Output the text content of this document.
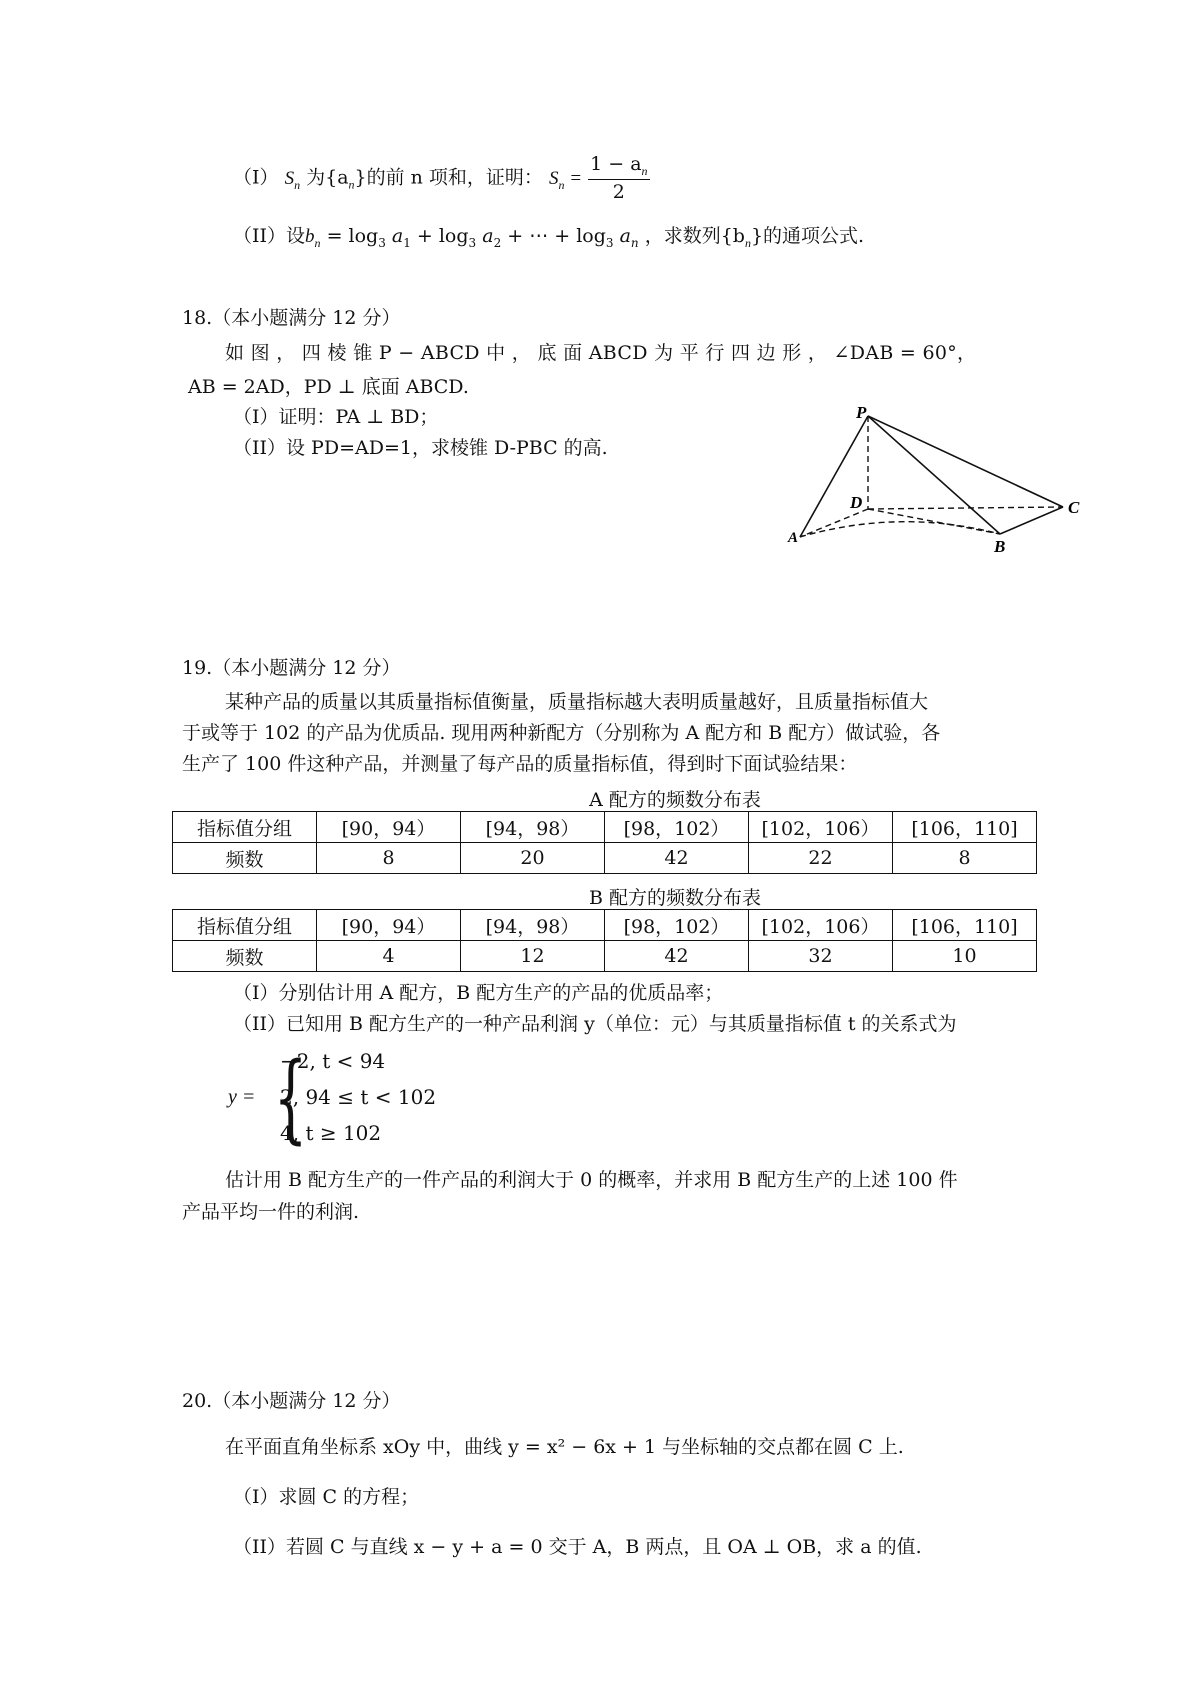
（I） $S_n$ 为$\{a_n\}$的前 n 项和，证明： $S_n = \frac{1 - a_n}{2}$
（II）设$b_n = \log_3 a_1 + \log_3 a_2$ + ⋯ + $\log_3 a_n$ ，求数列$\{b_n\}$的通项公式.
18.（本小题满分 12 分）
如 图 ， 四 棱 锥 P − ABCD 中 ， 底 面 ABCD 为 平 行 四 边 形 ， ∠DAB = 60°，
AB = 2AD，PD ⊥ 底面 ABCD.
（I）证明：PA ⊥ BD；
（II）设 PD=AD=1，求棱锥 D-PBC 的高.
P
D	C
A	B
19.（本小题满分 12 分）
某种产品的质量以其质量指标值衡量，质量指标越大表明质量越好，且质量指标值大
于或等于 102 的产品为优质品. 现用两种新配方（分别称为 A 配方和 B 配方）做试验，各
生产了 100 件这种产品，并测量了每产品的质量指标值，得到时下面试验结果：
A 配方的频数分布表
指标值分组	[90，94）	[94，98）	[98，102）	[102，106）	[106，110]
频数	8	20	42	22	8
B 配方的频数分布表
指标值分组	[90，94）	[94，98）	[98，102）	[102，106）	[106，110]
频数	4	12	42	32	10
（I）分别估计用 A 配方，B 配方生产的产品的优质品率；
（II）已知用 B 配方生产的一种产品利润 y（单位：元）与其质量指标值 t 的关系式为
y = {
−2, t < 94
2, 94 ≤ t < 102
4, t ≥ 102
估计用 B 配方生产的一件产品的利润大于 0 的概率，并求用 B 配方生产的上述 100 件
产品平均一件的利润.
20.（本小题满分 12 分）
在平面直角坐标系 xOy 中，曲线 y = x² − 6x + 1 与坐标轴的交点都在圆 C 上.
（I）求圆 C 的方程；
（II）若圆 C 与直线 x − y + a = 0 交于 A，B 两点，且 OA ⊥ OB，求 a 的值.
